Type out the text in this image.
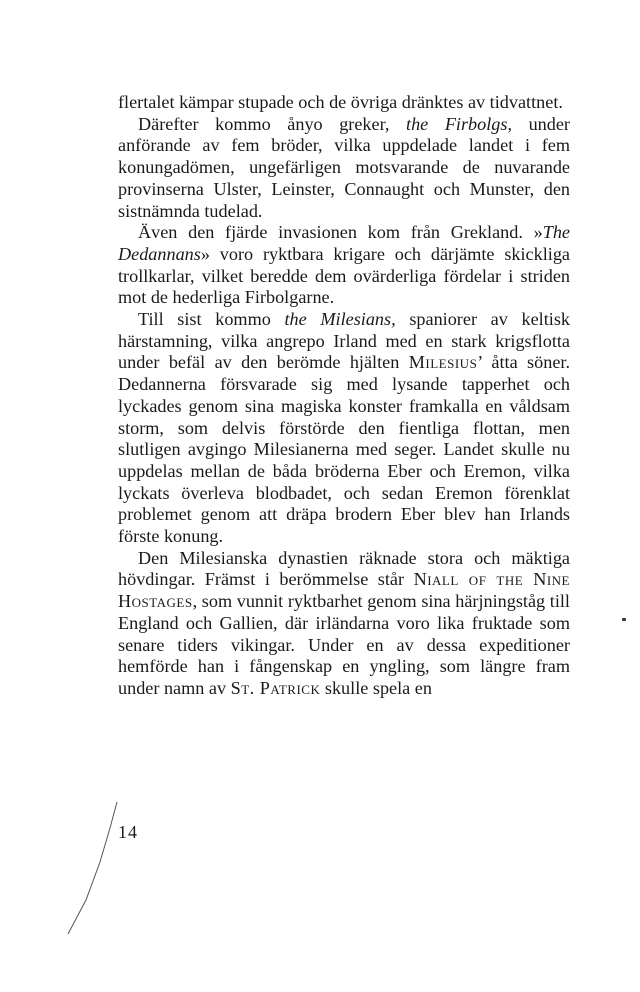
flertalet kämpar stupade och de övriga dränktes av tidvattnet.

Därefter kommo ånyo greker, the Firbolgs, under anförande av fem bröder, vilka uppdelade landet i fem konungadömen, ungefärligen motsvarande de nuvarande provinserna Ulster, Leinster, Connaught och Munster, den sistnämnda tudelad.

Även den fjärde invasionen kom från Grekland. »The Dedannans» voro ryktbara krigare och därjämte skickliga trollkarlar, vilket beredde dem ovärderliga fördelar i striden mot de hederliga Firbolgarne.

Till sist kommo the Milesians, spaniorer av keltisk härstamning, vilka angrepo Irland med en stark krigsflotta under befäl av den berömde hjälten Milesius’ åtta söner. Dedannerna försvarade sig med lysande tapperhet och lyckades genom sina magiska konster framkalla en våldsam storm, som delvis förstörde den fientliga flottan, men slutligen avgingo Milesianerna med seger. Landet skulle nu uppdelas mellan de båda bröderna Eber och Eremon, vilka lyckats överleva blodbadet, och sedan Eremon förenklat problemet genom att dräpa brodern Eber blev han Irlands förste konung.

Den Milesianska dynastien räknade stora och mäktiga hövdingar. Främst i berömmelse står Niall of the Nine Hostages, som vunnit ryktbarhet genom sina härjningståg till England och Gallien, där irländarna voro lika fruktade som senare tiders vikingar. Under en av dessa expeditioner hemförde han i fångenskap en yngling, som längre fram under namn av St. Patrick skulle spela en

14
